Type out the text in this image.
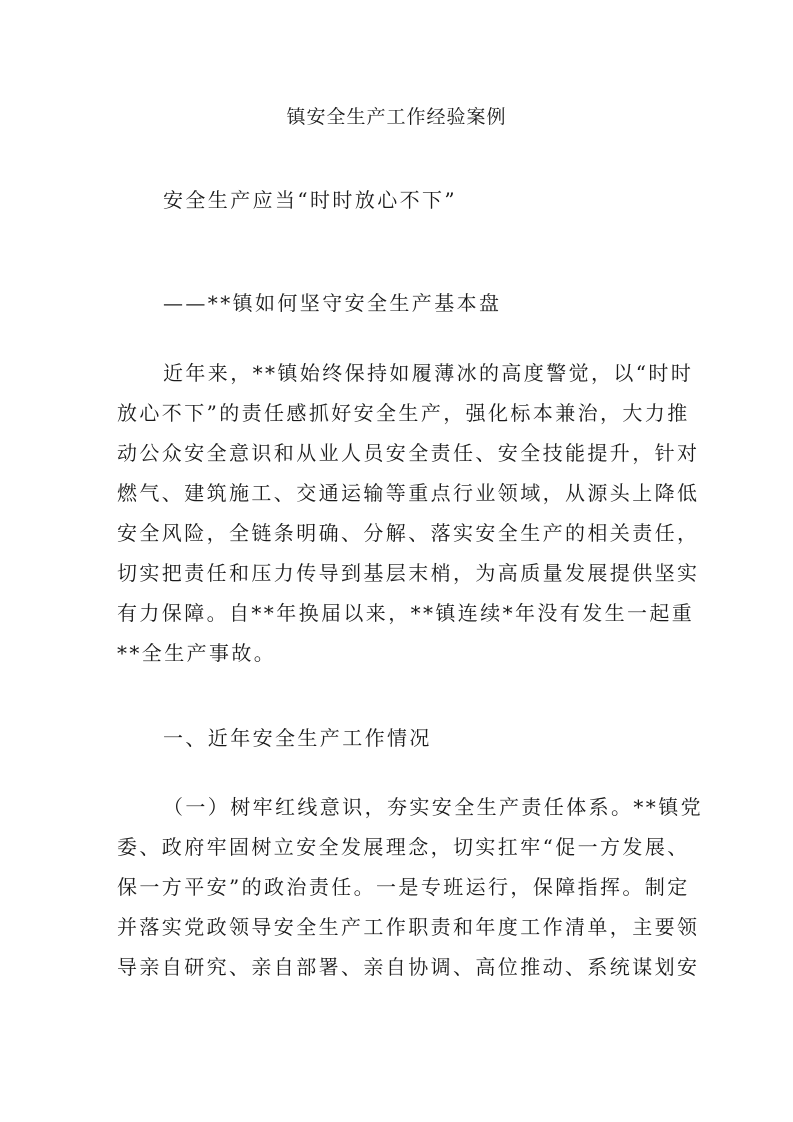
镇安全生产工作经验案例

安全生产应当“时时放心不下”

——**镇如何坚守安全生产基本盘

近年来，**镇始终保持如履薄冰的高度警觉，以“时时
放心不下”的责任感抓好安全生产，强化标本兼治，大力推
动公众安全意识和从业人员安全责任、安全技能提升，针对
燃气、建筑施工、交通运输等重点行业领域，从源头上降低
安全风险，全链条明确、分解、落实安全生产的相关责任，
切实把责任和压力传导到基层末梢，为高质量发展提供坚实
有力保障。自**年换届以来，**镇连续*年没有发生一起重
**全生产事故。

一、近年安全生产工作情况

（一）树牢红线意识，夯实安全生产责任体系。**镇党
委、政府牢固树立安全发展理念，切实扛牢“促一方发展、
保一方平安”的政治责任。一是专班运行，保障指挥。制定
并落实党政领导安全生产工作职责和年度工作清单，主要领
导亲自研究、亲自部署、亲自协调、高位推动、系统谋划安
